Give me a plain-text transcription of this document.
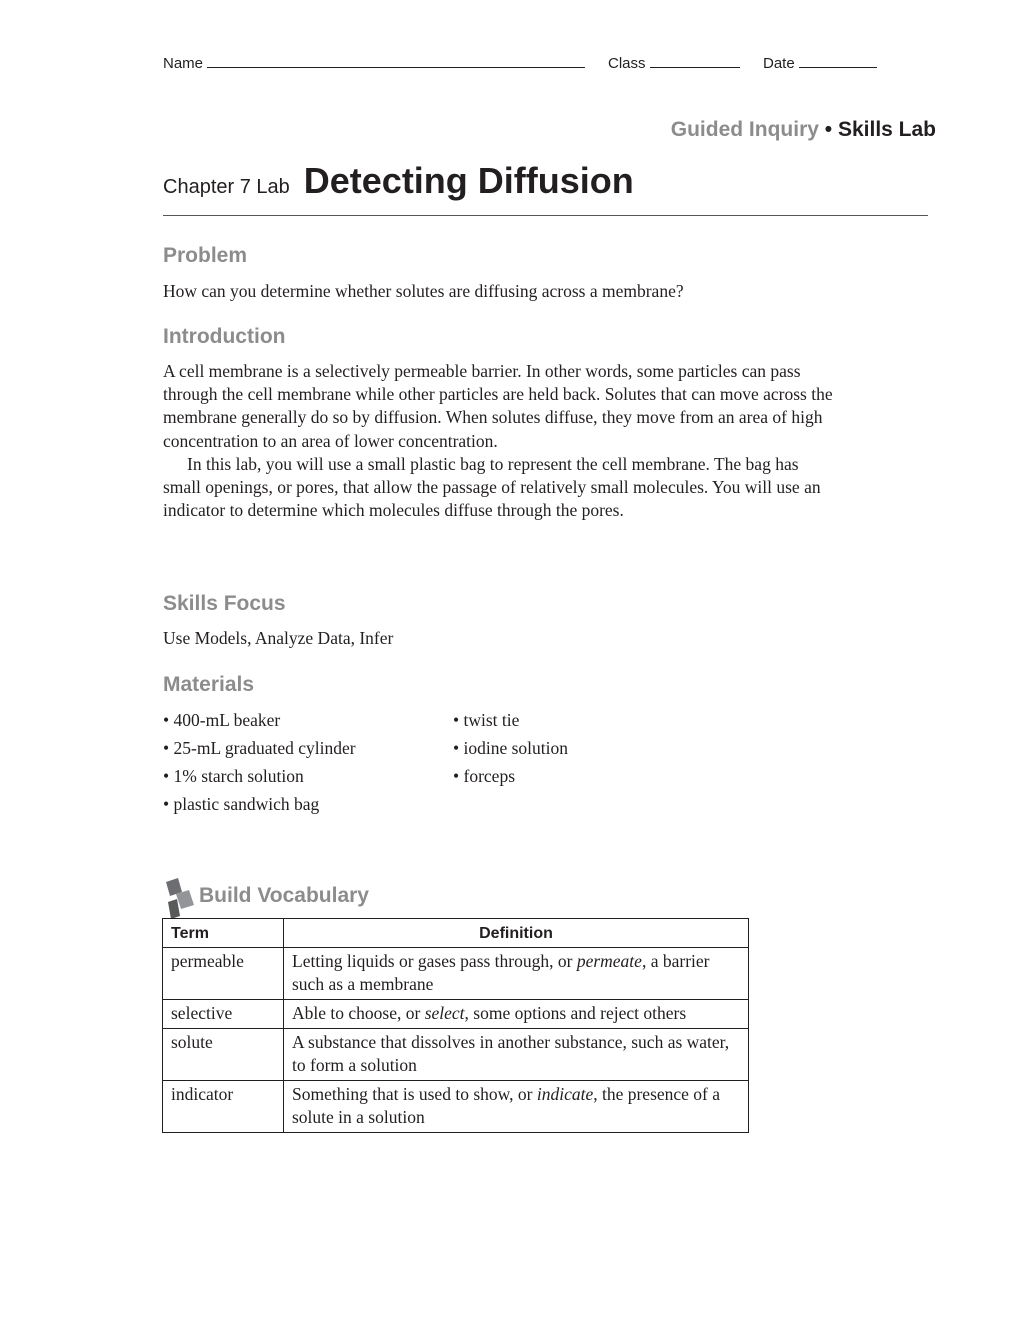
Name	Class	Date
Guided Inquiry • Skills Lab
Chapter 7 Lab Detecting Diffusion
Problem

How can you determine whether solutes are diffusing across a membrane?

Introduction

A cell membrane is a selectively permeable barrier. In other words, some particles can pass through the cell membrane while other particles are held back. Solutes that can move across the membrane generally do so by diffusion. When solutes diffuse, they move from an area of high concentration to an area of lower concentration.

In this lab, you will use a small plastic bag to represent the cell membrane. The bag has small openings, or pores, that allow the passage of relatively small molecules. You will use an indicator to determine which molecules diffuse through the pores.

Skills Focus

Use Models, Analyze Data, Infer

Materials
• 400-mL beaker
• 25-mL graduated cylinder
• 1% starch solution
• plastic sandwich bag
• twist tie
• iodine solution
• forceps
Build Vocabulary
Term	Definition
permeable	Letting liquids or gases pass through, or permeate, a barrier such as a membrane
selective	Able to choose, or select, some options and reject others
solute	A substance that dissolves in another substance, such as water, to form a solution
indicator	Something that is used to show, or indicate, the presence of a solute in a solution
